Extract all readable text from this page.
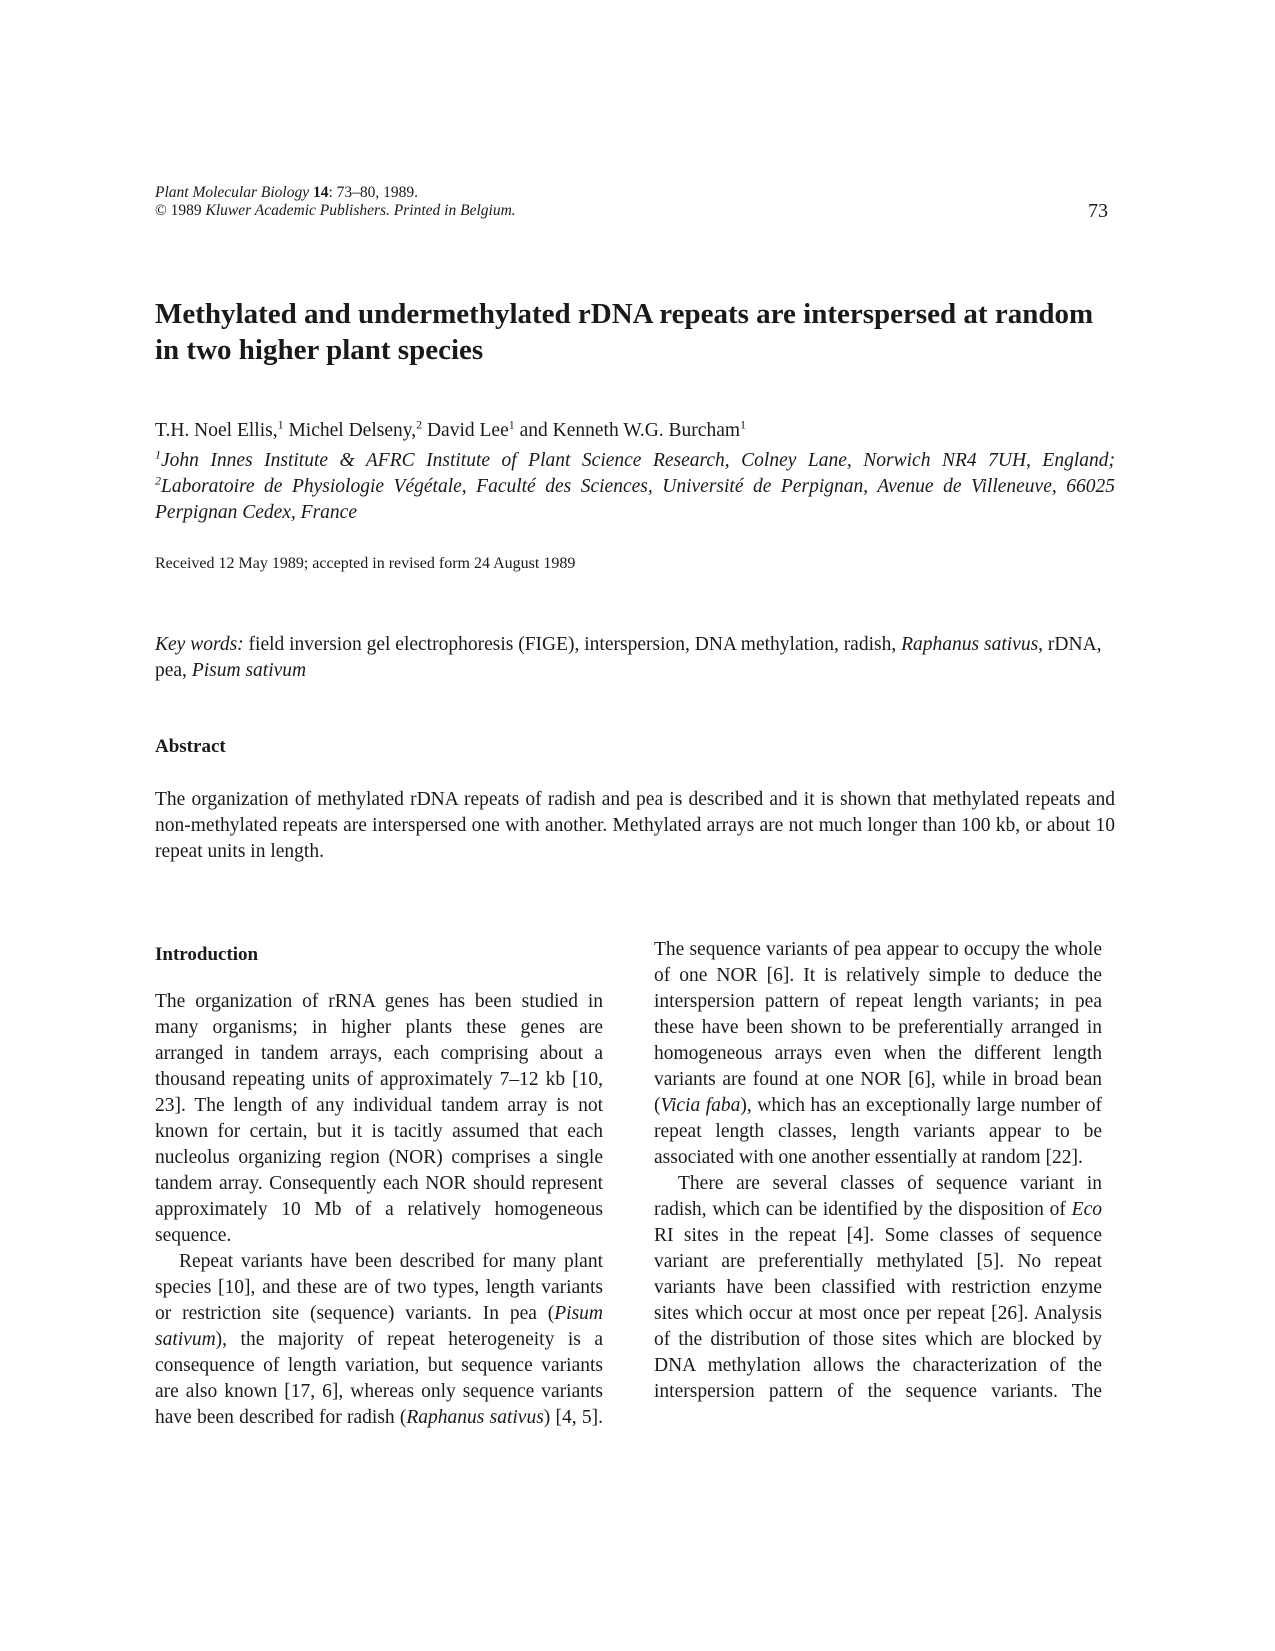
Plant Molecular Biology 14: 73–80, 1989.
© 1989 Kluwer Academic Publishers. Printed in Belgium.	73
Methylated and undermethylated rDNA repeats are interspersed at random in two higher plant species
T.H. Noel Ellis,$^1$ Michel Delseny,$^2$ David Lee$^1$ and Kenneth W.G. Burcham$^1$
$^1$John Innes Institute & AFRC Institute of Plant Science Research, Colney Lane, Norwich NR4 7UH, England; $^2$Laboratoire de Physiologie Végétale, Faculté des Sciences, Université de Perpignan, Avenue de Villeneuve, 66025 Perpignan Cedex, France
Received 12 May 1989; accepted in revised form 24 August 1989
Key words: field inversion gel electrophoresis (FIGE), interspersion, DNA methylation, radish, Raphanus sativus, rDNA, pea, Pisum sativum
Abstract
The organization of methylated rDNA repeats of radish and pea is described and it is shown that methylated repeats and non-methylated repeats are interspersed one with another. Methylated arrays are not much longer than 100 kb, or about 10 repeat units in length.
Introduction

The organization of rRNA genes has been studied in many organisms; in higher plants these genes are arranged in tandem arrays, each comprising about a thousand repeating units of approximately 7–12 kb [10, 23]. The length of any individual tandem array is not known for certain, but it is tacitly assumed that each nucleolus organizing region (NOR) comprises a single tandem array. Consequently each NOR should represent approximately 10 Mb of a relatively homogeneous sequence.

Repeat variants have been described for many plant species [10], and these are of two types, length variants or restriction site (sequence) variants. In pea (Pisum sativum), the majority of repeat heterogeneity is a consequence of length variation, but sequence variants are also known [17, 6], whereas only sequence variants have been described for radish (Raphanus sativus) [4, 5].

The sequence variants of pea appear to occupy the whole of one NOR [6]. It is relatively simple to deduce the interspersion pattern of repeat length variants; in pea these have been shown to be preferentially arranged in homogeneous arrays even when the different length variants are found at one NOR [6], while in broad bean (Vicia faba), which has an exceptionally large number of repeat length classes, length variants appear to be associated with one another essentially at random [22].

There are several classes of sequence variant in radish, which can be identified by the disposition of Eco RI sites in the repeat [4]. Some classes of sequence variant are preferentially methylated [5]. No repeat variants have been classified with restriction enzyme sites which occur at most once per repeat [26]. Analysis of the distribution of those sites which are blocked by DNA methylation allows the characterization of the interspersion pattern of the sequence variants. The
